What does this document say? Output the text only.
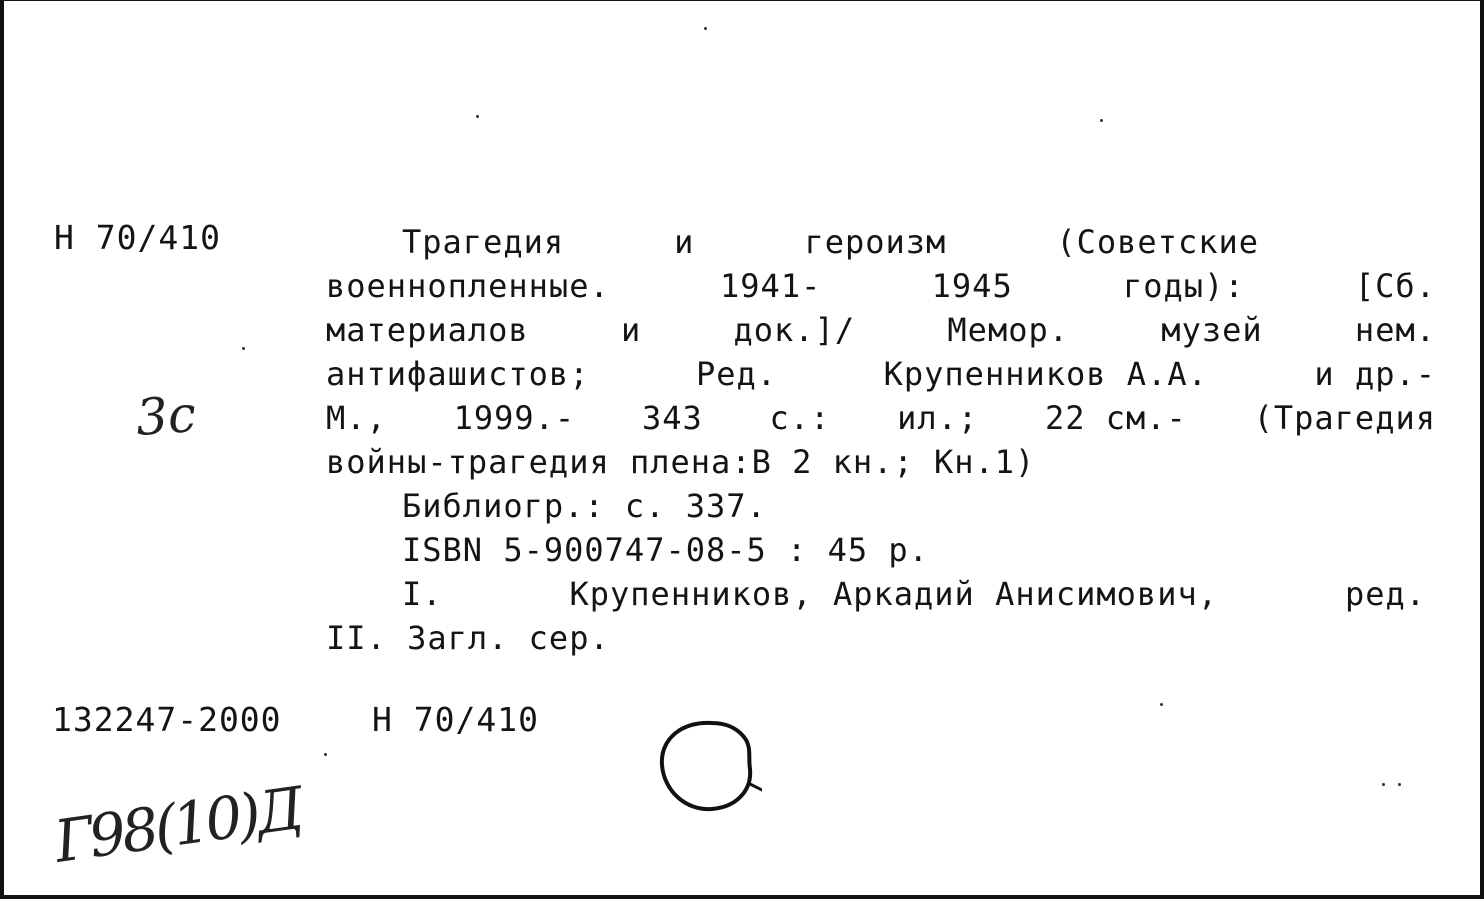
Н 70/410
3с
Трагедия	и	героизм	(Советские
военнопленные.	1941-	1945	годы):	[Сб.
материалов	и	док.]/	Мемор.	музей	нем.
антифашистов;	Ред.	Крупенников А.А.	и др.-
М., 1999.- 343 с.: ил.; 22 см.- (Трагедия
войны-трагедия плена:В 2 кн.; Кн.1)
Библиогр.: с. 337.
ISBN 5-900747-08-5 : 45 р.
I.	Крупенников, Аркадий Анисимович,	ред.
II. Загл. сер.
132247-2000	Н 70/410
Г98(10)Д
